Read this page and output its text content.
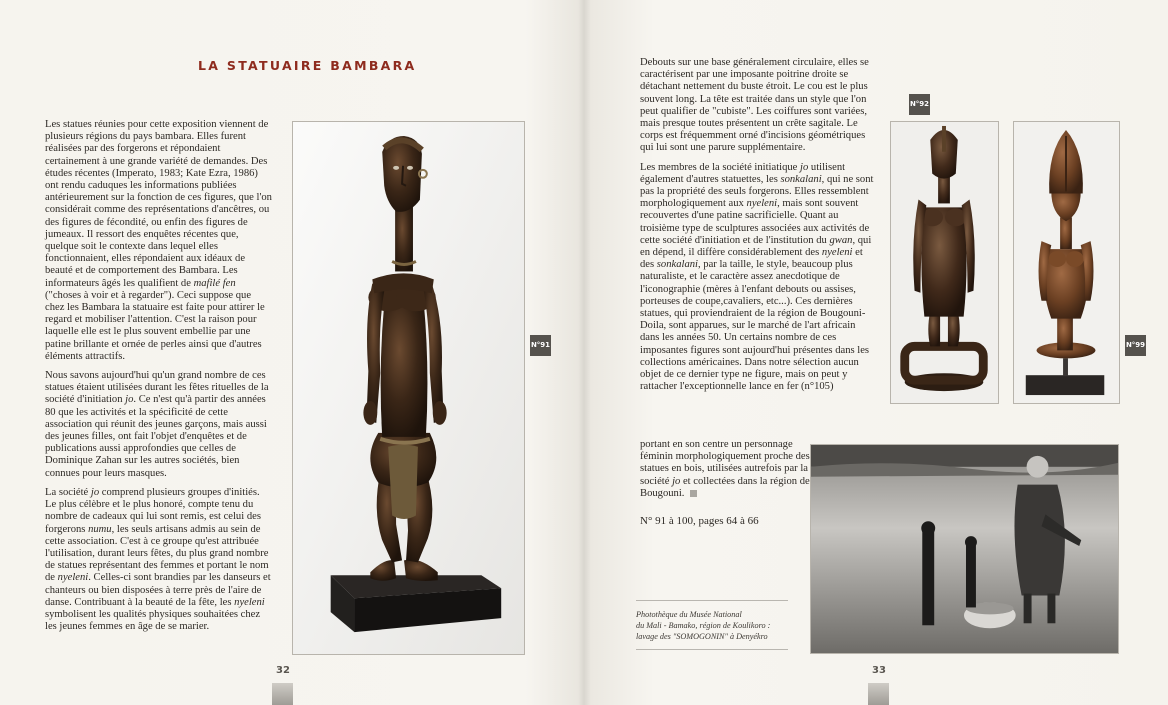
LA STATUAIRE BAMBARA

Les statues réunies pour cette exposition viennent de plusieurs régions du pays bambara. Elles furent réalisées par des forgerons et répondaient certainement à une grande variété de demandes. Des études récentes (Imperato, 1983; Kate Ezra, 1986) ont rendu caduques les informations publiées antérieurement sur la fonction de ces figures, que l'on considérait comme des représentations d'ancêtres, ou des figures de fécondité, ou enfin des figures de jumeaux. Il ressort des enquêtes récentes que, quelque soit le contexte dans lequel elles fonctionnaient, elles répondaient aux idéaux de beauté et de comportement des Bambara. Les informateurs âgés les qualifient de mafilé fen ("choses à voir et à regarder"). Ceci suppose que chez les Bambara la statuaire est faite pour attirer le regard et mobiliser l'attention. C'est la raison pour laquelle elle est le plus souvent embellie par une patine brillante et ornée de perles ainsi que d'autres éléments attractifs.

Nous savons aujourd'hui qu'un grand nombre de ces statues étaient utilisées durant les fêtes rituelles de la société d'initiation jo. Ce n'est qu'à partir des années 80 que les activités et la spécificité de cette association qui réunit des jeunes garçons, mais aussi des jeunes filles, ont fait l'objet d'enquêtes et de publications aussi approfondies que celles de Dominique Zahan sur les autres sociétés, bien connues pour leurs masques.

La société jo comprend plusieurs groupes d'initiés. Le plus célèbre et le plus honoré, compte tenu du nombre de cadeaux qui lui sont remis, est celui des forgerons numu, les seuls artisans admis au sein de cette association. C'est à ce groupe qu'est attribuée l'utilisation, durant leurs fêtes, du plus grand nombre de statues représentant des femmes et portant le nom de nyeleni. Celles-ci sont brandies par les danseurs et chanteurs ou bien disposées à terre près de l'aire de danse. Contribuant à la beauté de la fête, les nyeleni symbolisent les qualités physiques souhaitées chez les jeunes femmes en âge de se marier.

N°91
32

Debouts sur une base généralement circulaire, elles se caractérisent par une imposante poitrine droite se détachant nettement du buste étroit. Le cou est le plus souvent long. La tête est traitée dans un style que l'on peut qualifier de "cubiste". Les coiffures sont variées, mais presque toutes présentent un crête sagitale. Le corps est fréquemment orné d'incisions géométriques qui lui sont une parure supplémentaire.

Les membres de la société initiatique jo utilisent également d'autres statuettes, les sonkalani, qui ne sont pas la propriété des seuls forgerons. Elles ressemblent morphologiquement aux nyeleni, mais sont souvent recouvertes d'une patine sacrificielle. Quant au troisième type de sculptures associées aux activités de cette société d'initiation et de l'institution du gwan, qui en dépend, il diffère considérablement des nyeleni et des sonkalani, par la taille, le style, beaucoup plus naturaliste, et le caractère assez anecdotique de l'iconographie (mères à l'enfant debouts ou assises, porteuses de coupe,cavaliers, etc...). Ces dernières statues, qui proviendraient de la région de Bougouni-Doila, sont apparues, sur le marché de l'art africain dans les années 50. Un certains nombre de ces imposantes figures sont aujourd'hui présentes dans les collections américaines. Dans notre sélection aucun objet de ce dernier type ne figure, mais on peut y rattacher l'exceptionnelle lance en fer (n°105)

portant en son centre un personnage féminin morphologiquement proche des statues en bois, utilisées autrefois par la société jo et collectées dans la région de Bougouni.

N° 91 à 100, pages 64 à 66
N°92
N°99
Photothèque du Musée National
du Mali - Bamako, région de Koulikoro :
lavage des "SOMOGONIN" à Denyékro
33
